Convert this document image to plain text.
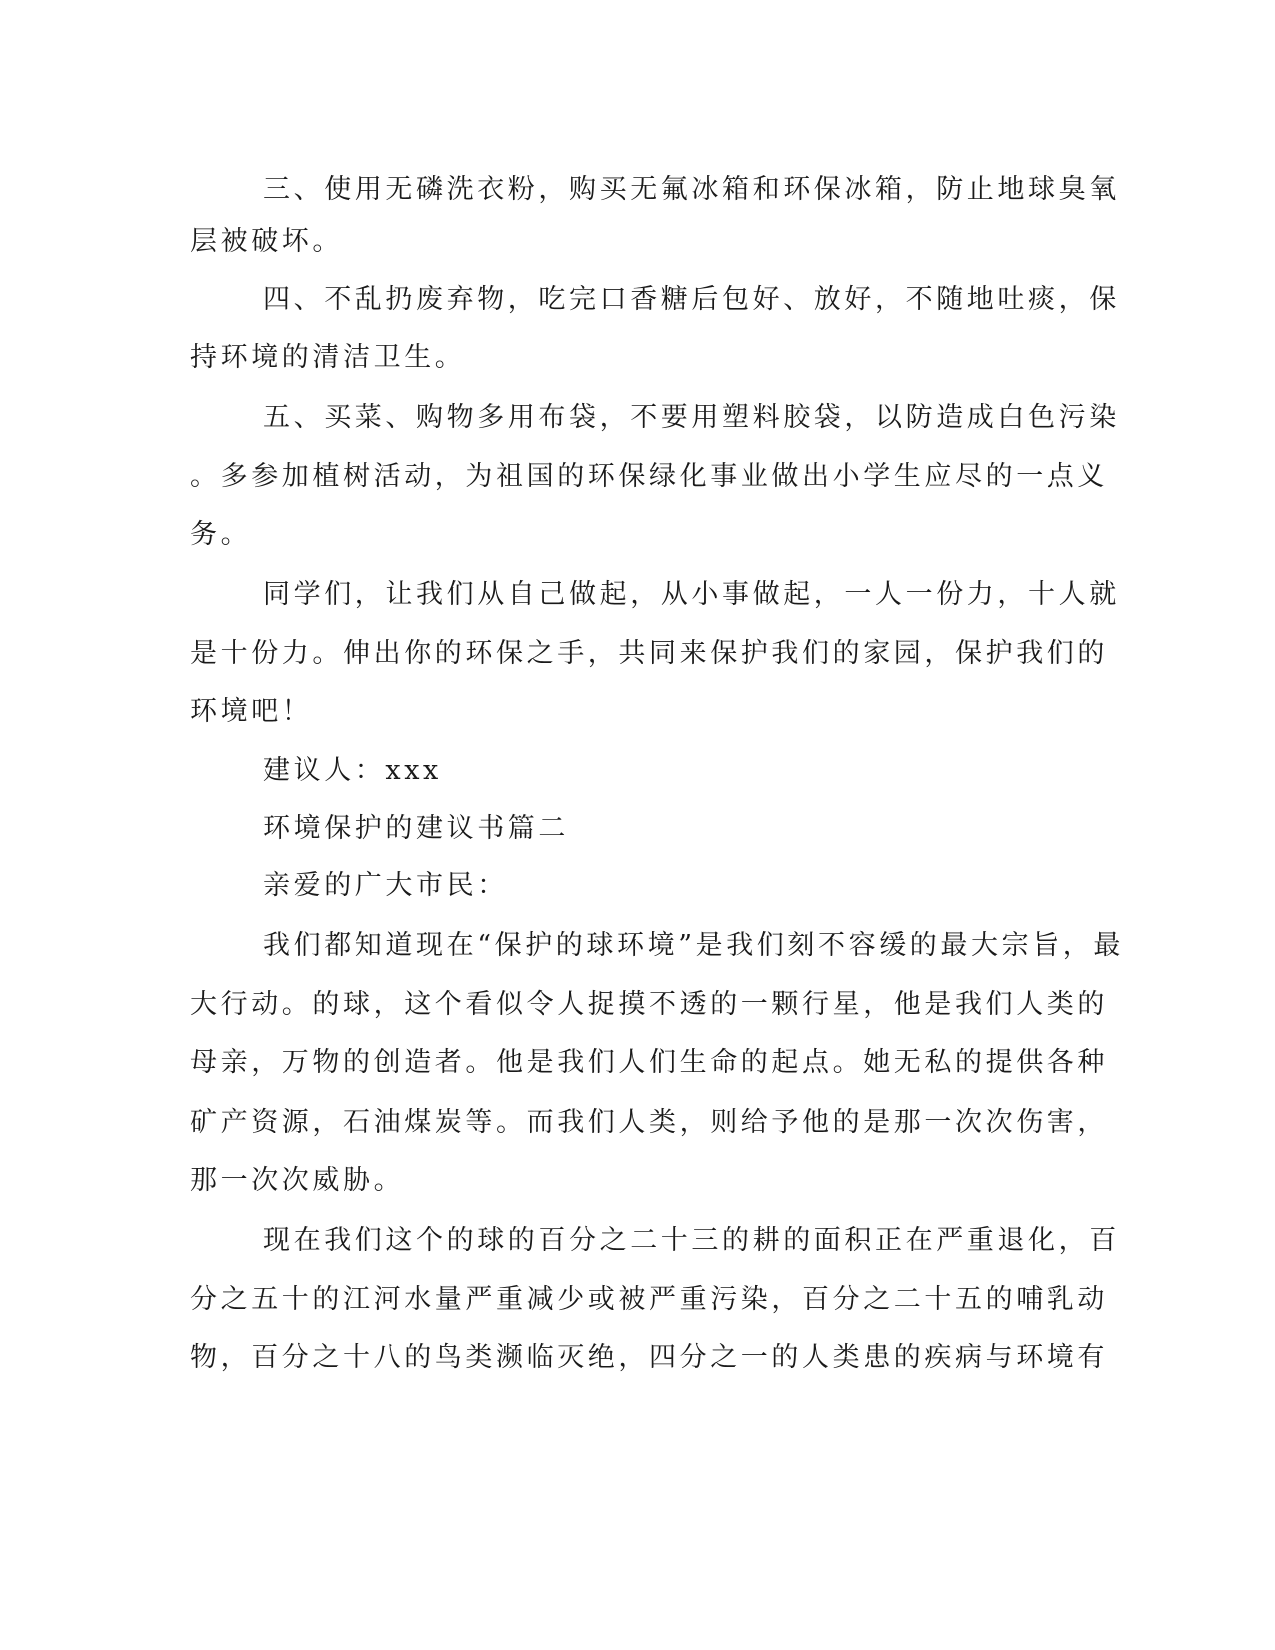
三、使用无磷洗衣粉，购买无氟冰箱和环保冰箱，防止地球臭氧
层被破坏。
四、不乱扔废弃物，吃完口香糖后包好、放好，不随地吐痰，保
持环境的清洁卫生。
五、买菜、购物多用布袋，不要用塑料胶袋，以防造成白色污染
。多参加植树活动，为祖国的环保绿化事业做出小学生应尽的一点义
务。
同学们，让我们从自己做起，从小事做起，一人一份力，十人就
是十份力。伸出你的环保之手，共同来保护我们的家园，保护我们的
环境吧！
建议人：xxx
环境保护的建议书篇二
亲爱的广大市民：
我们都知道现在“保护的球环境”是我们刻不容缓的最大宗旨，最
大行动。的球，这个看似令人捉摸不透的一颗行星，他是我们人类的
母亲，万物的创造者。他是我们人们生命的起点。她无私的提供各种
矿产资源，石油煤炭等。而我们人类，则给予他的是那一次次伤害，
那一次次威胁。
现在我们这个的球的百分之二十三的耕的面积正在严重退化，百
分之五十的江河水量严重减少或被严重污染，百分之二十五的哺乳动
物，百分之十八的鸟类濒临灭绝，四分之一的人类患的疾病与环境有
